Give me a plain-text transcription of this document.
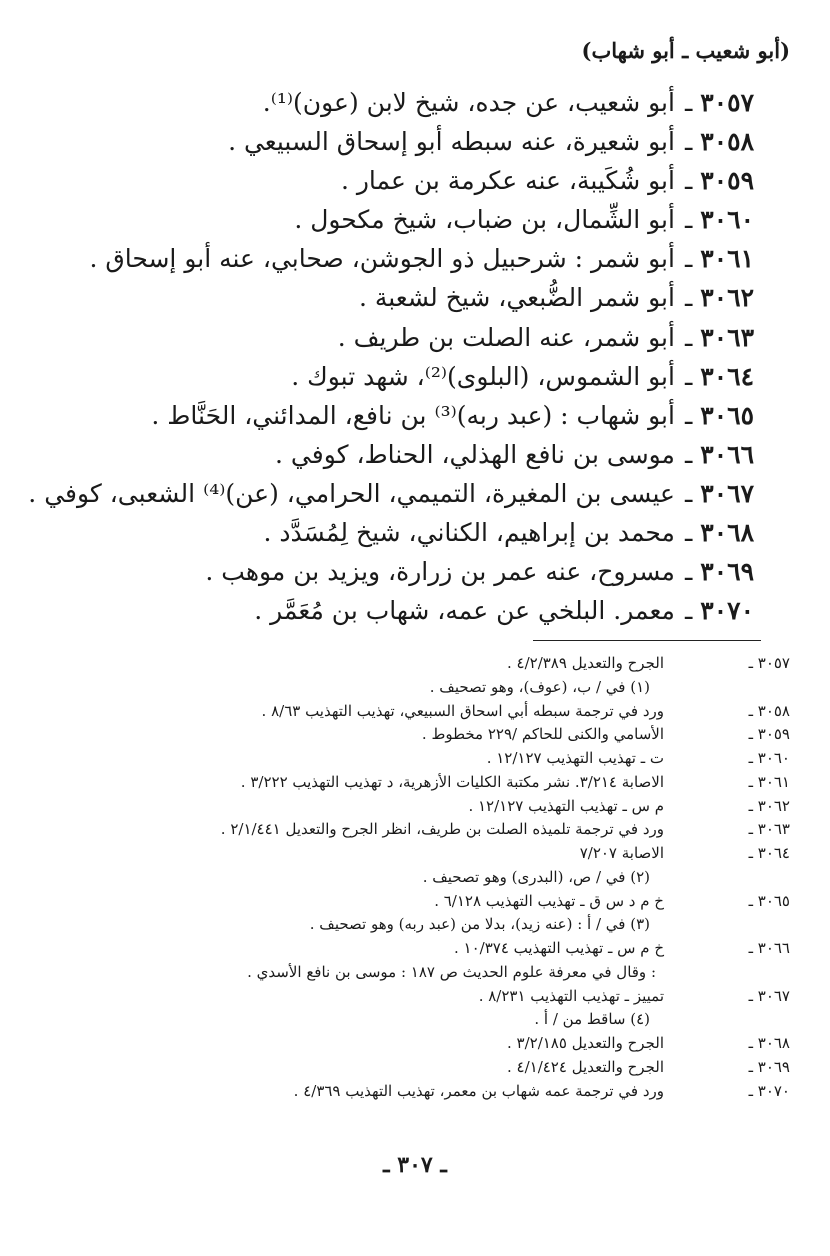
(أبو شعيب ـ أبو شهاب)
٣٠٥٧
ـ
أبو شعيب، عن جده، شيخ لابن (عون)⁽¹⁾.
٣٠٥٨
ـ
أبو شعيرة، عنه سبطه أبو إسحاق السبيعي .
٣٠٥٩
ـ
أبو شُكَيبة، عنه عكرمة بن عمار .
٣٠٦٠
ـ
أبو الشِّمال، بن ضباب، شيخ مكحول .
٣٠٦١
ـ
أبو شمر : شرحبيل ذو الجوشن، صحابي، عنه أبو إسحاق .
٣٠٦٢
ـ
أبو شمر الضُّبعي، شيخ لشعبة .
٣٠٦٣
ـ
أبو شمر، عنه الصلت بن طريف .
٣٠٦٤
ـ
أبو الشموس، (البلوى)⁽²⁾، شهد تبوك .
٣٠٦٥
ـ
أبو شهاب : (عبد ربه)⁽³⁾ بن نافع، المدائني، الحَنَّاط .
٣٠٦٦
ـ
موسى بن نافع الهذلي، الحناط، كوفي .
٣٠٦٧
ـ
عيسى بن المغيرة، التميمي، الحرامي، (عن)⁽⁴⁾ الشعبى، كوفي .
٣٠٦٨
ـ
محمد بن إبراهيم، الكناني، شيخ لِمُسَدَّد .
٣٠٦٩
ـ
مسروح، عنه عمر بن زرارة، ويزيد بن موهب .
٣٠٧٠
ـ
معمر. البلخي عن عمه، شهاب بن مُعَمَّر .
٣٠٥٧ ـ
الجرح والتعديل ٤/٢/٣٨٩ .
(١) في / ب، (عوف)، وهو تصحيف .
٣٠٥٨ ـ
ورد في ترجمة سبطه أبي اسحاق السبيعي، تهذيب التهذيب ٨/٦٣ .
٣٠٥٩ ـ
الأسامي والكنى للحاكم /٢٢٩ مخطوط .
٣٠٦٠ ـ
ت ـ تهذيب التهذيب ١٢/١٢٧ .
٣٠٦١ ـ
الاصابة ٣/٢١٤. نشر مكتبة الكليات الأزهرية، د تهذيب التهذيب ٣/٢٢٢ .
٣٠٦٢ ـ
م س ـ تهذيب التهذيب ١٢/١٢٧ .
٣٠٦٣ ـ
ورد في ترجمة تلميذه الصلت بن طريف، انظر الجرح والتعديل ٢/١/٤٤١ .
٣٠٦٤ ـ
الاصابة ٧/٢٠٧
(٢) في / ص، (البدرى) وهو تصحيف .
٣٠٦٥ ـ
خ م د س ق ـ تهذيب التهذيب ٦/١٢٨ .
(٣) في / أ : (عنه زيد)، بدلا من (عبد ربه) وهو تصحيف .
٣٠٦٦ ـ
خ م س ـ تهذيب التهذيب ١٠/٣٧٤ .
: وقال في معرفة علوم الحديث ص ١٨٧ : موسى بن نافع الأسدي .
٣٠٦٧ ـ
تمييز ـ تهذيب التهذيب ٨/٢٣١ .
(٤) ساقط من / أ .
٣٠٦٨ ـ
الجرح والتعديل ٣/٢/١٨٥ .
٣٠٦٩ ـ
الجرح والتعديل ٤/١/٤٢٤ .
٣٠٧٠ ـ
ورد في ترجمة عمه شهاب بن معمر، تهذيب التهذيب ٤/٣٦٩ .
ـ ٣٠٧ ـ
